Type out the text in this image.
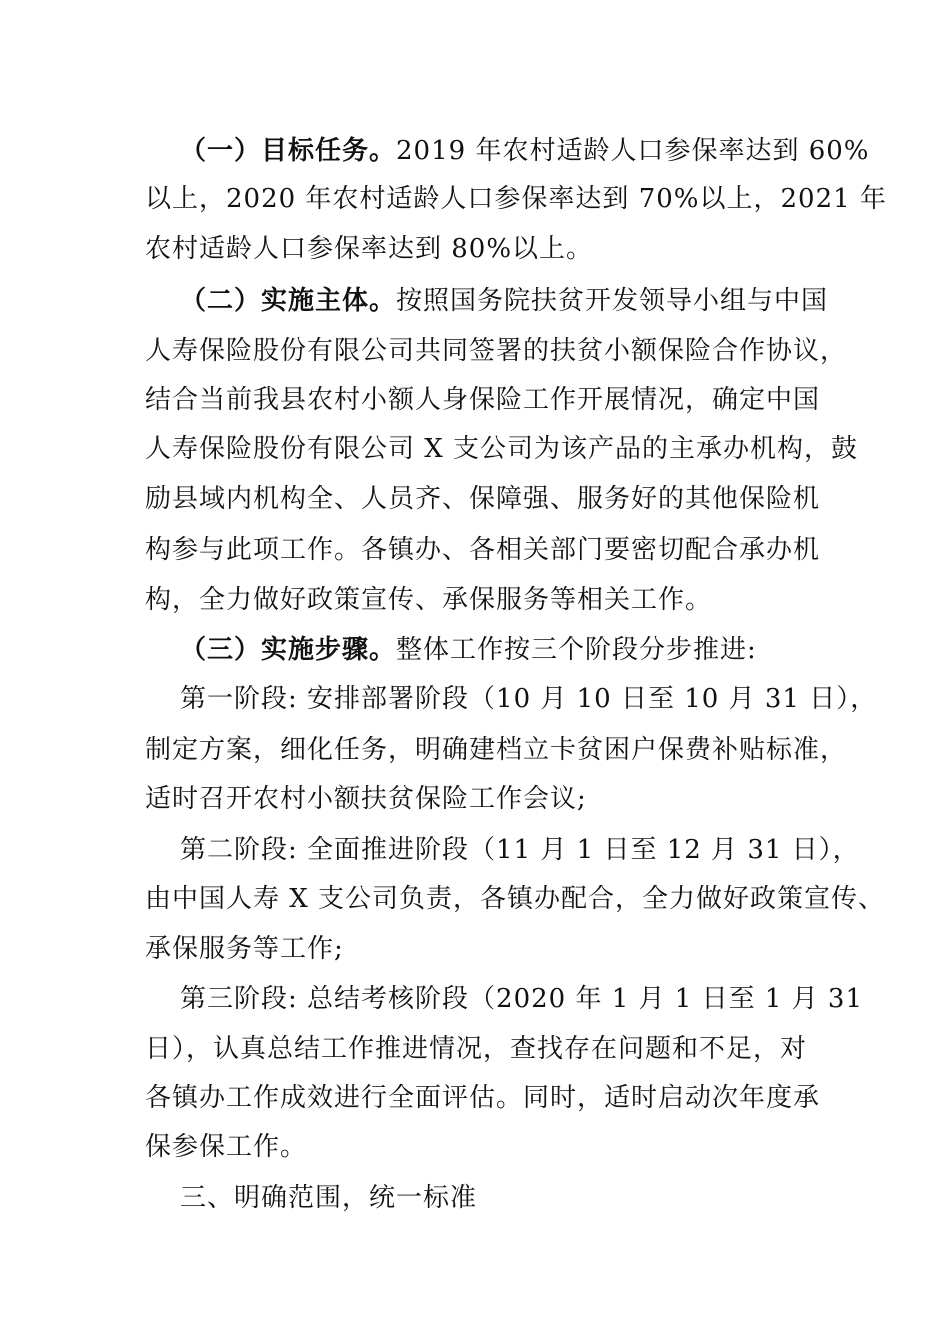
（一）目标任务。2019 年农村适龄人口参保率达到 60%
以上，2020 年农村适龄人口参保率达到 70%以上，2021 年
农村适龄人口参保率达到 80%以上。
（二）实施主体。按照国务院扶贫开发领导小组与中国
人寿保险股份有限公司共同签署的扶贫小额保险合作协议，
结合当前我县农村小额人身保险工作开展情况，确定中国
人寿保险股份有限公司 X 支公司为该产品的主承办机构，鼓
励县域内机构全、人员齐、保障强、服务好的其他保险机
构参与此项工作。各镇办、各相关部门要密切配合承办机
构，全力做好政策宣传、承保服务等相关工作。
（三）实施步骤。整体工作按三个阶段分步推进:
第一阶段: 安排部署阶段（10 月 10 日至 10 月 31 日），
制定方案，细化任务，明确建档立卡贫困户保费补贴标准，
适时召开农村小额扶贫保险工作会议;
第二阶段: 全面推进阶段（11 月 1 日至 12 月 31 日），
由中国人寿 X 支公司负责，各镇办配合，全力做好政策宣传、
承保服务等工作;
第三阶段: 总结考核阶段（2020 年 1 月 1 日至 1 月 31
日），认真总结工作推进情况，查找存在问题和不足，对
各镇办工作成效进行全面评估。同时，适时启动次年度承
保参保工作。
三、明确范围，统一标准
